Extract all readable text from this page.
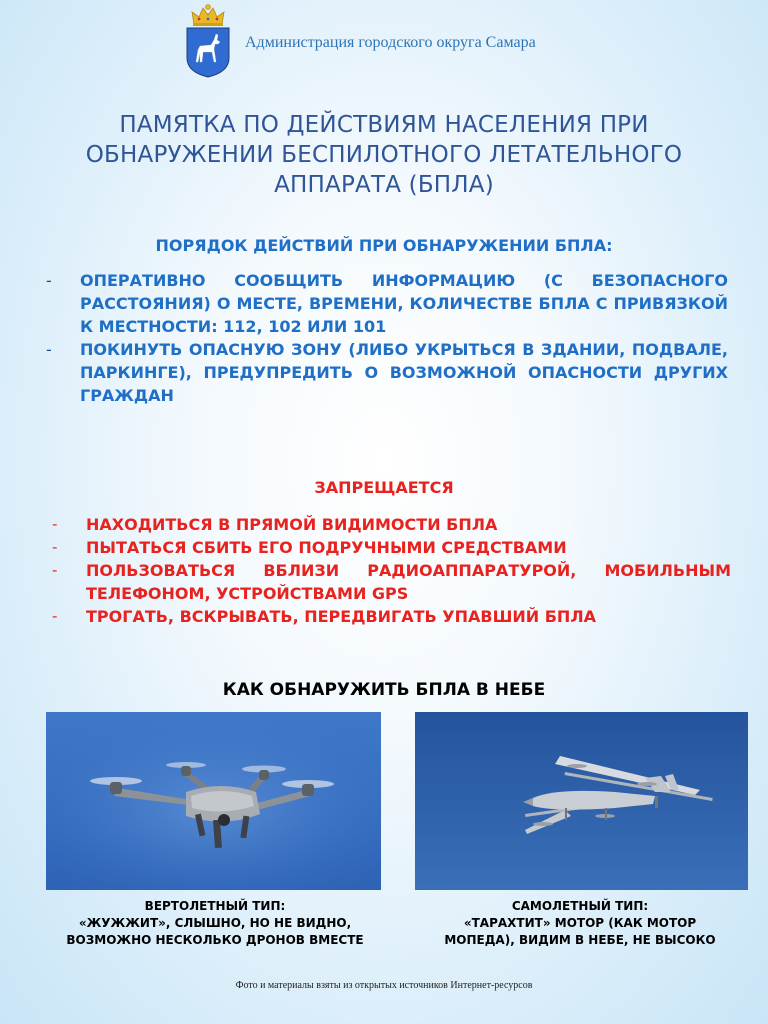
Администрация городского округа Самара
ПАМЯТКА ПО ДЕЙСТВИЯМ НАСЕЛЕНИЯ ПРИ ОБНАРУЖЕНИИ БЕСПИЛОТНОГО ЛЕТАТЕЛЬНОГО АППАРАТА (БПЛА)
ПОРЯДОК ДЕЙСТВИЙ ПРИ ОБНАРУЖЕНИИ БПЛА:
- ОПЕРАТИВНО СООБЩИТЬ ИНФОРМАЦИЮ (С БЕЗОПАСНОГО РАССТОЯНИЯ) О МЕСТЕ, ВРЕМЕНИ, КОЛИЧЕСТВЕ БПЛА С ПРИВЯЗКОЙ К МЕСТНОСТИ: 112, 102 ИЛИ 101
- ПОКИНУТЬ ОПАСНУЮ ЗОНУ (ЛИБО УКРЫТЬСЯ В ЗДАНИИ, ПОДВАЛЕ, ПАРКИНГЕ), ПРЕДУПРЕДИТЬ О ВОЗМОЖНОЙ ОПАСНОСТИ ДРУГИХ ГРАЖДАН
ЗАПРЕЩАЕТСЯ
- НАХОДИТЬСЯ В ПРЯМОЙ ВИДИМОСТИ БПЛА
- ПЫТАТЬСЯ СБИТЬ ЕГО ПОДРУЧНЫМИ СРЕДСТВАМИ
- ПОЛЬЗОВАТЬСЯ ВБЛИЗИ РАДИОАППАРАТУРОЙ, МОБИЛЬНЫМ ТЕЛЕФОНОМ, УСТРОЙСТВАМИ GPS
- ТРОГАТЬ, ВСКРЫВАТЬ, ПЕРЕДВИГАТЬ УПАВШИЙ БПЛА
КАК ОБНАРУЖИТЬ БПЛА В НЕБЕ
ВЕРТОЛЕТНЫЙ ТИП:
«ЖУЖЖИТ», СЛЫШНО, НО НЕ ВИДНО,
ВОЗМОЖНО НЕСКОЛЬКО ДРОНОВ ВМЕСТЕ
САМОЛЕТНЫЙ ТИП:
«ТАРАХТИТ» МОТОР (КАК МОТОР
МОПЕДА), ВИДИМ В НЕБЕ, НЕ ВЫСОКО
Фото и материалы взяты из открытых источников Интернет-ресурсов
